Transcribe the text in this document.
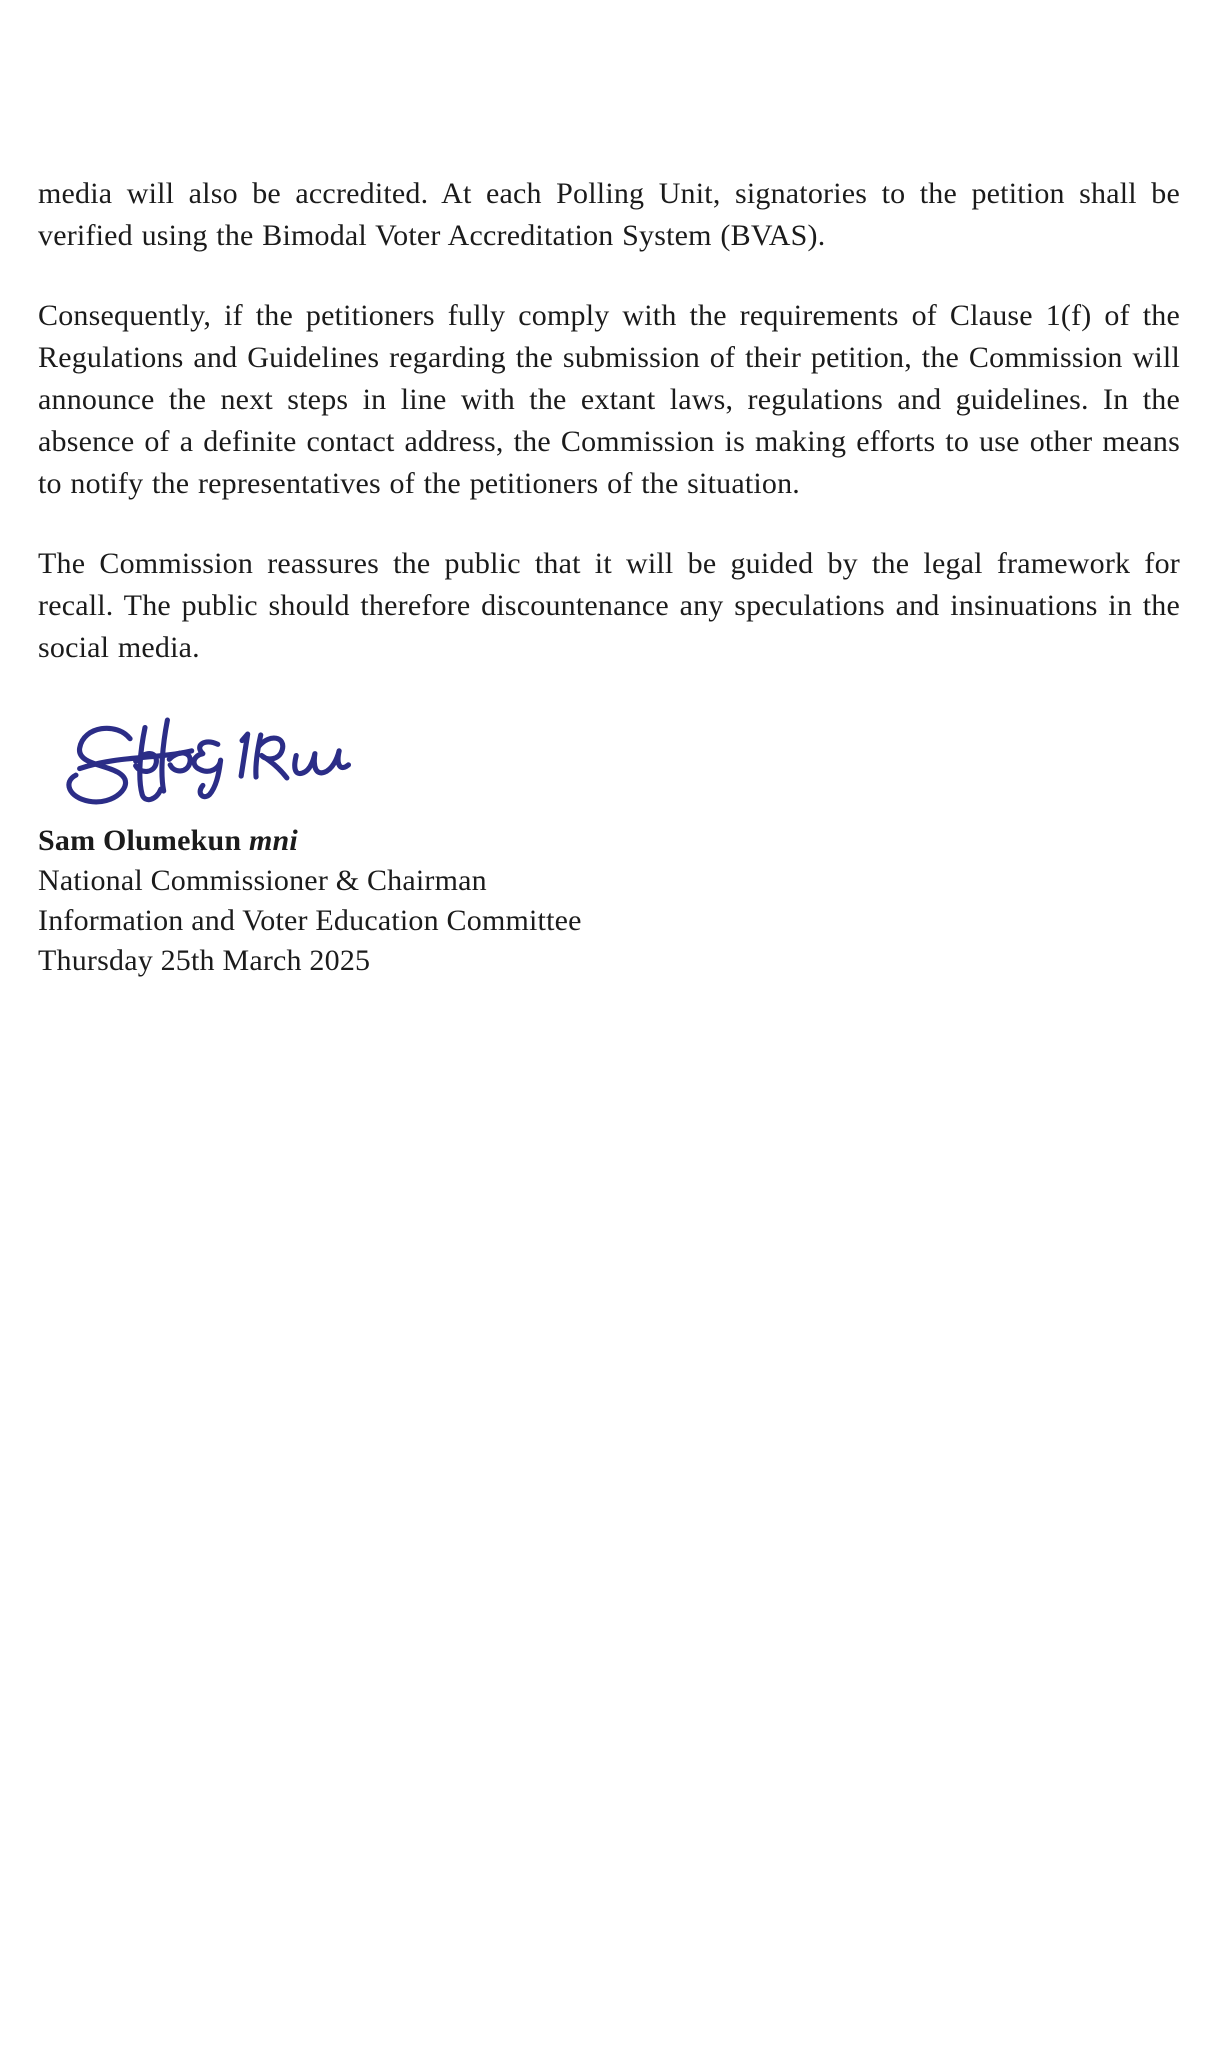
media will also be accredited. At each Polling Unit, signatories to the petition shall be verified using the Bimodal Voter Accreditation System (BVAS).

Consequently, if the petitioners fully comply with the requirements of Clause 1(f) of the Regulations and Guidelines regarding the submission of their petition, the Commission will announce the next steps in line with the extant laws, regulations and guidelines. In the absence of a definite contact address, the Commission is making efforts to use other means to notify the representatives of the petitioners of the situation.

The Commission reassures the public that it will be guided by the legal framework for recall. The public should therefore discountenance any speculations and insinuations in the social media.

Sam Olumekun mni
National Commissioner & Chairman
Information and Voter Education Committee
Thursday 25th March 2025
